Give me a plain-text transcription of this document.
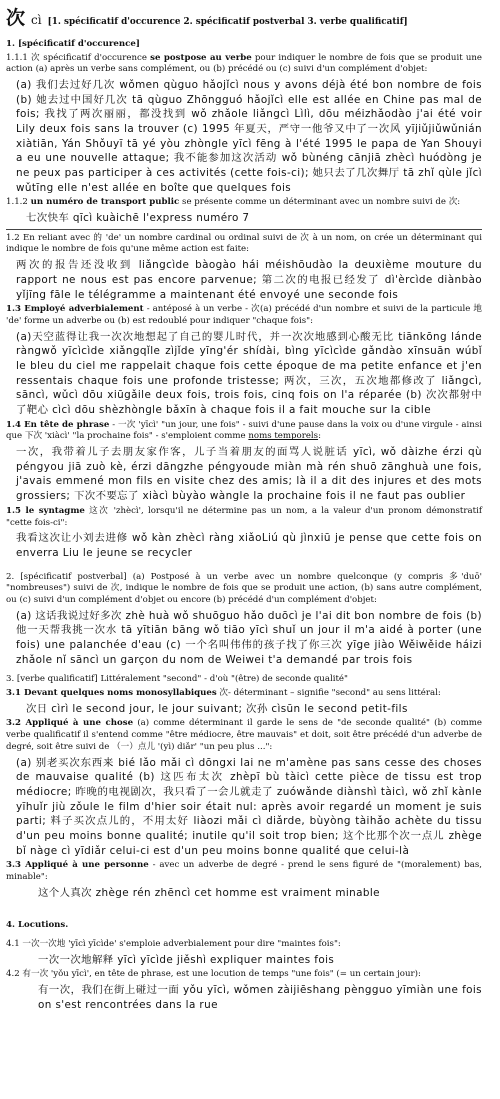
次 cì [1. spécificatif d'occurence 2. spécificatif postverbal 3. verbe qualificatif]
1. [spécificatif d'occurence]
1.1.1 次 spécificatif d'occurence se postpose au verbe pour indiquer le nombre de fois que se produit une action (a) après un verbe sans complément, ou (b) précédé ou (c) suivi d'un complément d'objet:
(a) 我们去过好几次 wǒmen qùguo hǎojǐcì nous y avons déjà été bon nombre de fois (b) 她去过中国好几次 tā qùguo Zhōngguó hǎojǐcì elle est allée en Chine pas mal de fois; 我找了两次丽丽，都没找到 wǒ zhǎole liǎngcì Lìlì, dōu méizhǎodào j'ai été voir Lily deux fois sans la trouver (c) 1995 年夏天，严守一他爷又中了一次风 yījiǔjiǔwǔnián xiàtiān, Yán Shǒuyī tā yé yòu zhòngle yīcì fēng à l'été 1995 le papa de Yan Shouyi a eu une nouvelle attaque; 我不能参加这次活动 wǒ bùnéng cānjiā zhècì huódòng je ne peux pas participer à ces activités (cette fois-ci); 她只去了几次舞厅 tā zhǐ qùle jǐcì wǔtīng elle n'est allée en boîte que quelques fois
1.1.2 un numéro de transport public se présente comme un déterminant avec un nombre suivi de 次:
七次快车 qīcì kuàichē l'express numéro 7
1.2 En reliant avec 的 'de' un nombre cardinal ou ordinal suivi de 次 à un nom, on crée un déterminant qui indique le nombre de fois qu'une même action est faite:
两次的报告还没收到 liǎngcìde bàogào hái méishōudào la deuxième mouture du rapport ne nous est pas encore parvenue; 第二次的电报已经发了 dì'èrcìde diànbào yǐjīng fāle le télégramme a maintenant été envoyé une seconde fois
1.3 Employé adverbialement - antéposé à un verbe - 次(a) précédé d'un nombre et suivi de la particule 地 'de' forme un adverbe ou (b) est redoublé pour indiquer "chaque fois":
(a)天空蓝得让我一次次地想起了自己的婴儿时代，并一次次地感到心酸无比 tiānkōng lánde ràngwǒ yīcìcìde xiǎngqǐle zìjǐde yīng'ér shídài, bìng yīcìcìde gǎndào xīnsuān wúbǐ le bleu du ciel me rappelait chaque fois cette époque de ma petite enfance et j'en ressentais chaque fois une profonde tristesse; 两次，三次，五次地都修改了 liǎngcì, sāncì, wǔcì dōu xiūgǎile deux fois, trois fois, cinq fois on l'a réparée (b) 次次都射中了靶心 cìcì dōu shèzhòngle bǎxīn à chaque fois il a fait mouche sur la cible
1.4 En tête de phrase - 一次 'yīcì' "un jour, une fois" - suivi d'une pause dans la voix ou d'une virgule - ainsi que 下次 'xiàcì' "la prochaine fois" - s'emploient comme noms temporels:
一次，我带着儿子去朋友家作客，儿子当着朋友的面骂人说脏话 yīcì, wǒ dàizhe érzi qù péngyou jiā zuò kè, érzi dāngzhe péngyoude miàn mà rén shuō zānghuà une fois, j'avais emmené mon fils en visite chez des amis; là il a dit des injures et des mots grossiers; 下次不要忘了 xiàcì bùyào wàngle la prochaine fois il ne faut pas oublier
1.5 le syntagme 这次 'zhècì', lorsqu'il ne détermine pas un nom, a la valeur d'un pronom démonstratif "cette fois-ci":
我看这次让小刘去进修 wǒ kàn zhècì ràng xiǎoLiú qù jìnxiū je pense que cette fois on enverra Liu le jeune se recycler
2. [spécificatif postverbal] (a) Postposé à un verbe avec un nombre quelconque (y compris 多'duō' "nombreuses") suivi de 次, indique le nombre de fois que se produit une action, (b) sans autre complément, ou (c) suivi d'un complément d'objet ou encore (b) précédé d'un complément d'objet:
(a) 这话我说过好多次 zhè huà wǒ shuōguo hǎo duōcì je l'ai dit bon nombre de fois (b) 他一天帮我挑一次水 tā yītiān bāng wǒ tiāo yīcì shuǐ un jour il m'a aidé à porter (une fois) une palanchée d'eau (c) 一个名叫伟伟的孩子找了你三次 yīge jiào Wěiwěide háizi zhǎole nǐ sāncì un garçon du nom de Weiwei t'a demandé par trois fois
3. [verbe qualificatif] Littéralement "second" - d'où "(être) de seconde qualité"
3.1 Devant quelques noms monosyllabiques 次- déterminant – signifie "second" au sens littéral:
次日 cìrì le second jour, le jour suivant; 次孙 cìsūn le second petit-fils
3.2 Appliqué à une chose (a) comme déterminant il garde le sens de "de seconde qualité" (b) comme verbe qualificatif il s'entend comme "être médiocre, être mauvais" et doit, soit être précédé d'un adverbe de degré, soit être suivi de （一）点儿 '(yì) diǎr' "un peu plus ...":
(a) 别老买次东西来 bié lǎo mǎi cì dōngxi lai ne m'amène pas sans cesse des choses de mauvaise qualité (b) 这匹布太次 zhèpī bù tàicì cette pièce de tissu est trop médiocre; 昨晚的电视剧次，我只看了一会儿就走了 zuówǎnde diànshì tàicì, wǒ zhǐ kànle yīhuǐr jiù zǒule le film d'hier soir était nul: après avoir regardé un moment je suis parti; 料子买次点儿的，不用太好 liàozi mǎi cì diǎrde, bùyòng tàihǎo achète du tissu d'un peu moins bonne qualité; inutile qu'il soit trop bien; 这个比那个次一点儿 zhège bǐ nàge cì yīdiǎr celui-ci est d'un peu moins bonne qualité que celui-là
3.3 Appliqué à une personne - avec un adverbe de degré - prend le sens figuré de "(moralement) bas, minable":
这个人真次 zhège rén zhēncì cet homme est vraiment minable
4. Locutions.
4.1 一次一次地 'yīcì yīcìde' s'emploie adverbialement pour dire "maintes fois":
一次一次地解释 yīcì yīcìde jiěshì expliquer maintes fois
4.2 有一次 'yǒu yīcì', en tête de phrase, est une locution de temps "une fois" (= un certain jour):
有一次，我们在街上碰过一面 yǒu yīcì, wǒmen zàijiēshang pèngguo yīmiàn une fois on s'est rencontrées dans la rue
